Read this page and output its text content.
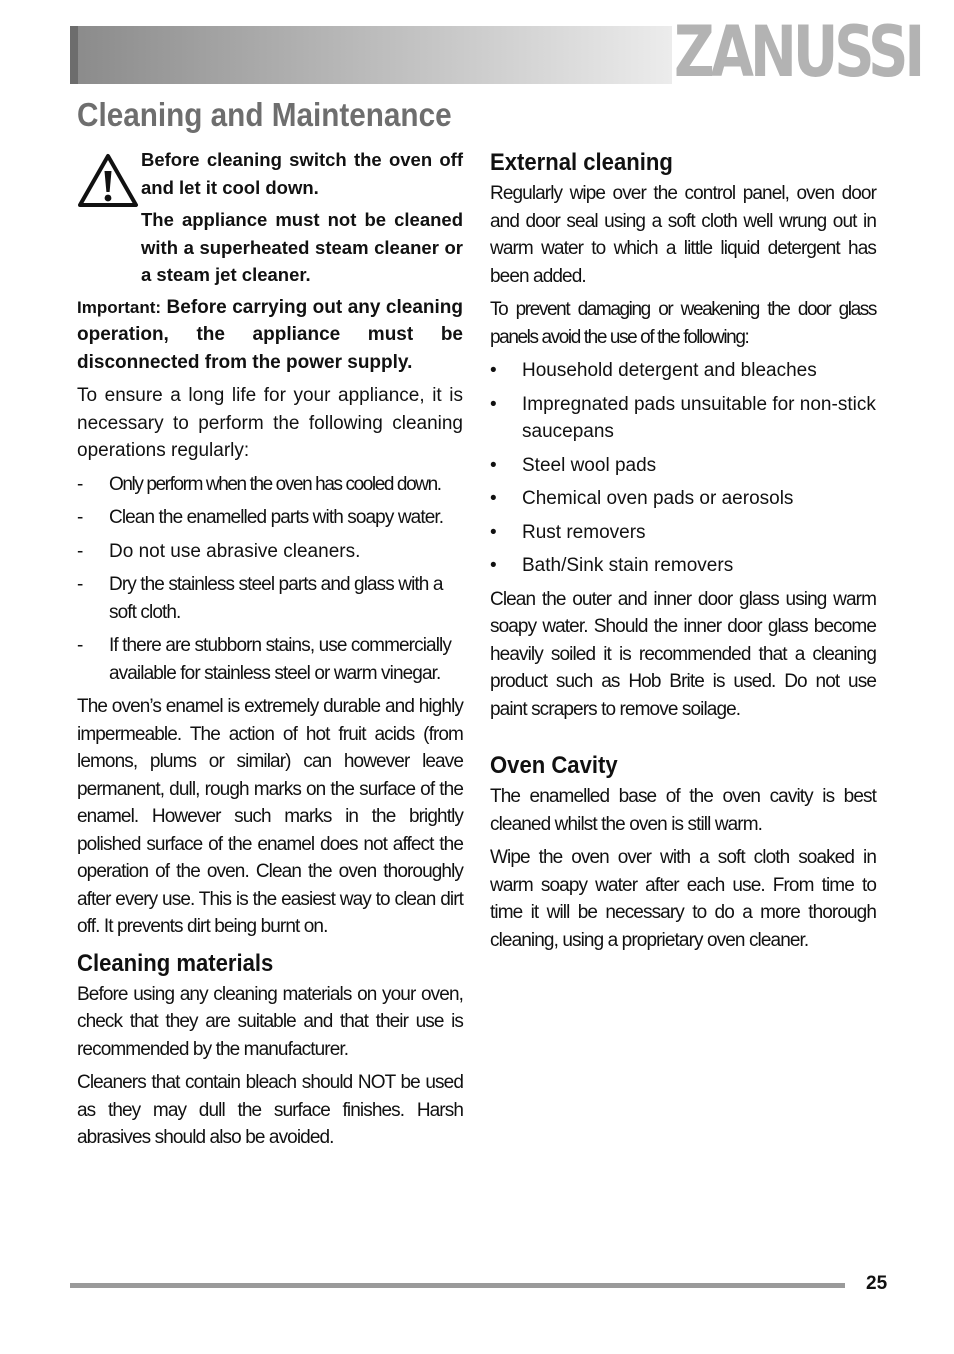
ZANUSSI
Cleaning and Maintenance

Before cleaning switch the oven off and let it cool down.

The appliance must not be cleaned with a superheated steam cleaner or a steam jet cleaner.

Important: Before carrying out any cleaning operation, the appliance must be disconnected from the power supply.

To ensure a long life for your appliance, it is necessary to perform the following cleaning operations regularly:

- Only perform when the oven has cooled down.
- Clean the enamelled parts with soapy water.
- Do not use abrasive cleaners.
- Dry the stainless steel parts and glass with a soft cloth.
- If there are stubborn stains, use commercially available for stainless steel or warm vinegar.

The oven’s enamel is extremely durable and highly impermeable. The action of hot fruit acids (from lemons, plums or similar) can however leave permanent, dull, rough marks on the surface of the enamel. However such marks in the brightly polished surface of the enamel does not affect the operation of the oven. Clean the oven thoroughly after every use. This is the easiest way to clean dirt off. It prevents dirt being burnt on.

Cleaning materials

Before using any cleaning materials on your oven, check that they are suitable and that their use is recommended by the manufacturer.

Cleaners that contain bleach should NOT be used as they may dull the surface finishes. Harsh abrasives should also be avoided.

External cleaning

Regularly wipe over the control panel, oven door and door seal using a soft cloth well wrung out in warm water to which a little liquid detergent has been added.

To prevent damaging or weakening the door glass panels avoid the use of the following:

• Household detergent and bleaches
• Impregnated pads unsuitable for non-stick saucepans
• Steel wool pads
• Chemical oven pads or aerosols
• Rust removers
• Bath/Sink stain removers

Clean the outer and inner door glass using warm soapy water. Should the inner door glass become heavily soiled it is recommended that a cleaning product such as Hob Brite is used. Do not use paint scrapers to remove soilage.

Oven Cavity

The enamelled base of the oven cavity is best cleaned whilst the oven is still warm.

Wipe the oven over with a soft cloth soaked in warm soapy water after each use. From time to time it will be necessary to do a more thorough cleaning, using a proprietary oven cleaner.

25
